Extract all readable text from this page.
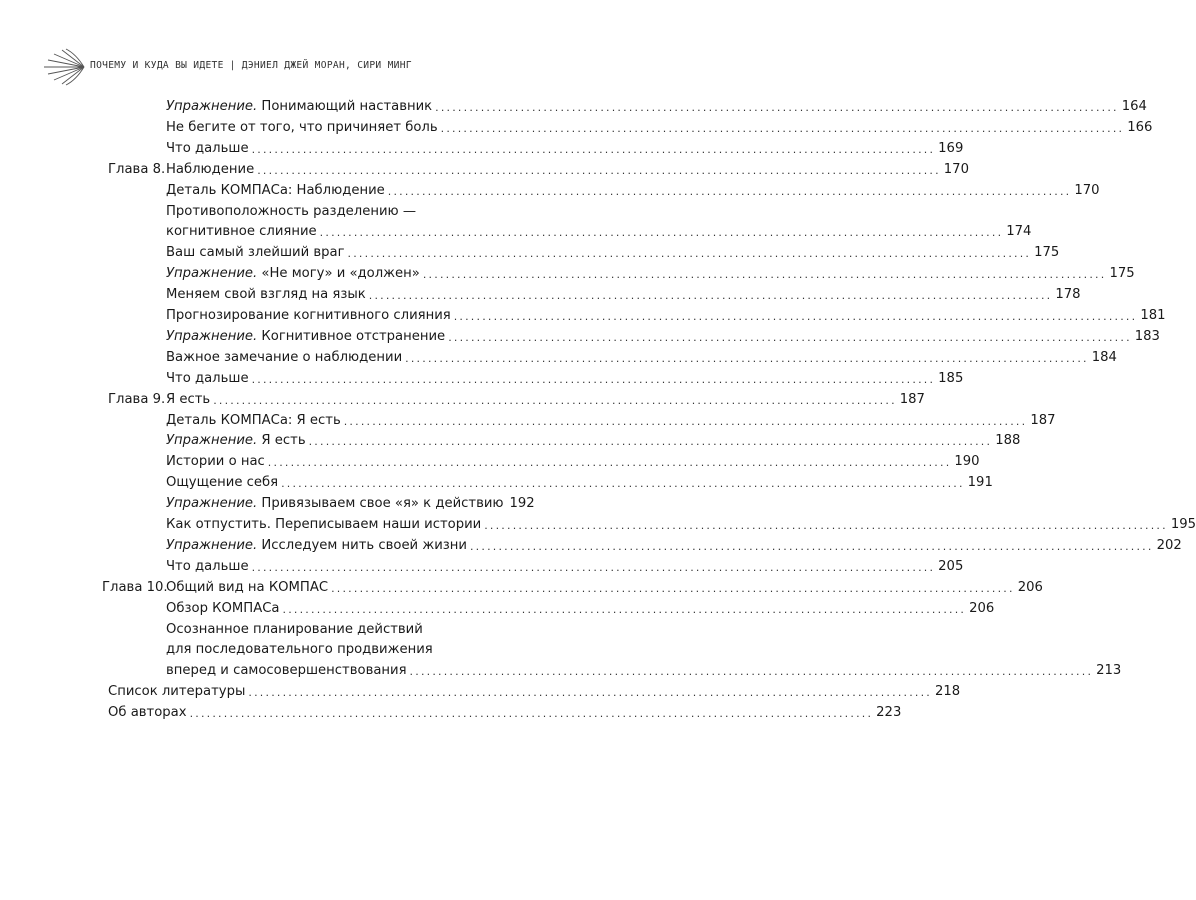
ПОЧЕМУ И КУДА ВЫ ИДЕТЕ | ДЭНИЕЛ ДЖЕЙ МОРАН, СИРИ МИНГ
Упражнение. Понимающий наставник ........................................................................................................................ 164
Не бегите от того, что причиняет боль ........................................................................................................................ 166
Что дальше ........................................................................................................................ 169
Глава 8. Наблюдение ........................................................................................................................ 170
Деталь КОМПАСа: Наблюдение ........................................................................................................................ 170
Противоположность разделению —
когнитивное слияние ........................................................................................................................ 174
Ваш самый злейший враг ........................................................................................................................ 175
Упражнение. «Не могу» и «должен» ........................................................................................................................ 175
Меняем свой взгляд на язык ........................................................................................................................ 178
Прогнозирование когнитивного слияния ........................................................................................................................ 181
Упражнение. Когнитивное отстранение ........................................................................................................................ 183
Важное замечание о наблюдении ........................................................................................................................ 184
Что дальше ........................................................................................................................ 185
Глава 9. Я есть ........................................................................................................................ 187
Деталь КОМПАСа: Я есть ........................................................................................................................ 187
Упражнение. Я есть ........................................................................................................................ 188
Истории о нас ........................................................................................................................ 190
Ощущение себя ........................................................................................................................ 191
Упражнение. Привязываем свое «я» к действию 192
Как отпустить. Переписываем наши истории ........................................................................................................................ 195
Упражнение. Исследуем нить своей жизни ........................................................................................................................ 202
Что дальше ........................................................................................................................ 205
Глава 10.
Общий вид на КОМПАС ........................................................................................................................ 206
Обзор КОМПАСа ........................................................................................................................ 206
Осознанное планирование действий
для последовательного продвижения
вперед и самосовершенствования ........................................................................................................................ 213
Список литературы ........................................................................................................................ 218
Об авторах ........................................................................................................................ 223
